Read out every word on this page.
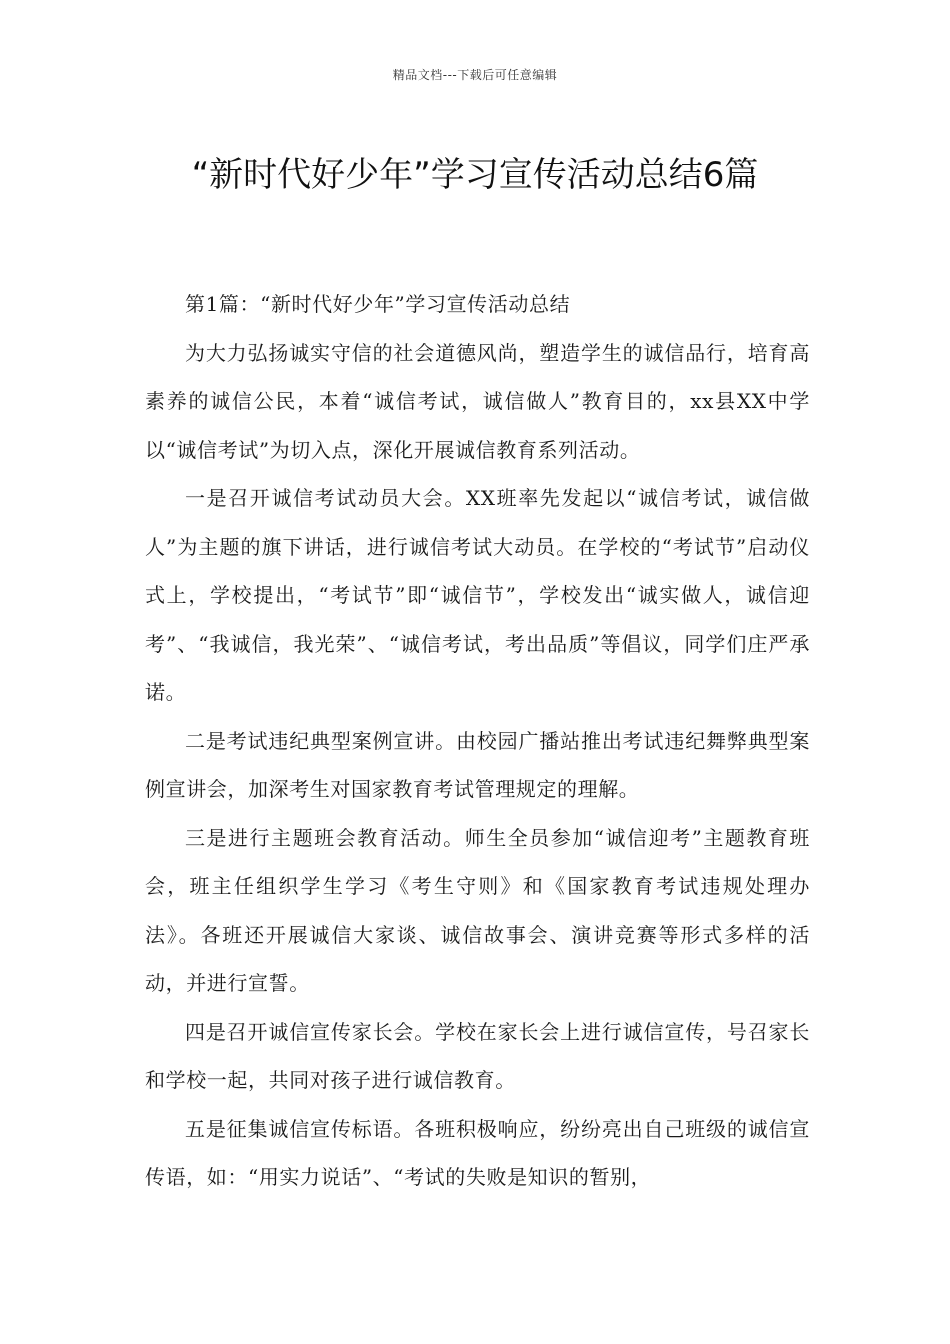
精品文档---下载后可任意编辑
“新时代好少年”学习宣传活动总结6篇

第1篇：“新时代好少年”学习宣传活动总结

为大力弘扬诚实守信的社会道德风尚，塑造学生的诚信品行，培育高素养的诚信公民，本着“诚信考试，诚信做人”教育目的，xx县XX中学以“诚信考试”为切入点，深化开展诚信教育系列活动。

一是召开诚信考试动员大会。XX班率先发起以“诚信考试，诚信做人”为主题的旗下讲话，进行诚信考试大动员。在学校的“考试节”启动仪式上，学校提出，“考试节”即“诚信节”，学校发出“诚实做人，诚信迎考”、“我诚信，我光荣”、“诚信考试，考出品质”等倡议，同学们庄严承诺。

二是考试违纪典型案例宣讲。由校园广播站推出考试违纪舞弊典型案例宣讲会，加深考生对国家教育考试管理规定的理解。

三是进行主题班会教育活动。师生全员参加“诚信迎考”主题教育班会，班主任组织学生学习《考生守则》和《国家教育考试违规处理办法》。各班还开展诚信大家谈、诚信故事会、演讲竞赛等形式多样的活动，并进行宣誓。

四是召开诚信宣传家长会。学校在家长会上进行诚信宣传，号召家长和学校一起，共同对孩子进行诚信教育。

五是征集诚信宣传标语。各班积极响应，纷纷亮出自己班级的诚信宣传语，如：“用实力说话”、“考试的失败是知识的暂别，
